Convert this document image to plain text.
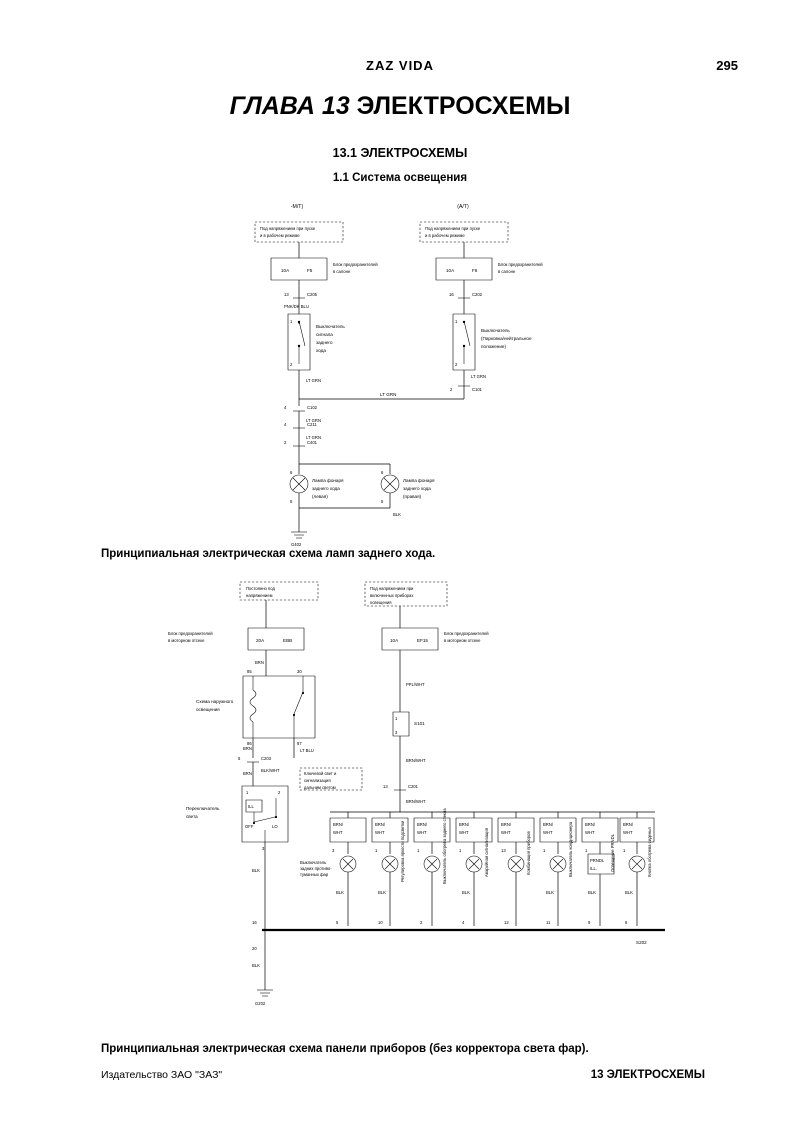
ZAZ VIDA	295
ГЛАВА 13 ЭЛЕКТРОСХЕМЫ
13.1 ЭЛЕКТРОСХЕМЫ
1.1 Система освещения
-М/Т)	(A/T)
Под напряжением при пуске
и в рабочем режиме
Под напряжением при пуске
и в рабочем режиме
10A	F5
Блок предохранителей
в салоне	10A	F6
Блок предохранителей
в салоне
13	C205	16	C202
PNK/DK BLU
1
2
Выключатель
сигнала
заднего
хода
1
2
Выключатель
(Парковка/нейтральное
положение)
LT GRN
LT GRN
2	C101
LT GRN
4	C102
LT GRN
4	C211
LT GRN
2	C401
6	6
Лампа фонаря
заднего хода
(левая)
Лампа фонаря
заднего хода
(правая)
5	5
BLK
G402
Принципиальная электрическая схема ламп заднего хода.
Постоянно под
напряжением
Под напряжением при
включенных приборах
освещения
20A	EBB
Блок предохранителей
в моторном отсеке	10A	EF15
Блок предохранителей
в моторном отсеке
BRN
85	30
86	87
Схема наружного
освещения
BRN	LT BLU
6	C203
BRN
BLK/WHT
1	2
3
ILL
OFF	LO
Переключатель
света
BLK
16
20
BLK
G202
PPL/WHT
1
3
S101
BRN/WHT
13	C201
BRN/WHT
Ключевой свет и
сигнализация
дальним светом
BRN/
WHT
3
Выключатель
задних противо-
туманных фар
BLK
5
BRN/
WHT
1	Регулировка яркости подсветки
BLK
10
BRN/
WHT
1	Выключатель обогрева заднего стекла
2
BRN/
WHT
1	Аварийная сигнализация
BLK
4
BRN/
WHT
13	Комбинация приборов
12
BRN/
WHT
1	Выключатель кондиционера
BLK
11
BRN/
WHT
1
PRNDL
ILL.	Освещение PRNDL
BLK
9
BRN/
WHT
1	Кнопка обогрева сиденья
BLK
6
S202
Принципиальная электрическая схема панели приборов (без корректора света фар).
Издательство ЗАО "ЗАЗ"	13 ЭЛЕКТРОСХЕМЫ
